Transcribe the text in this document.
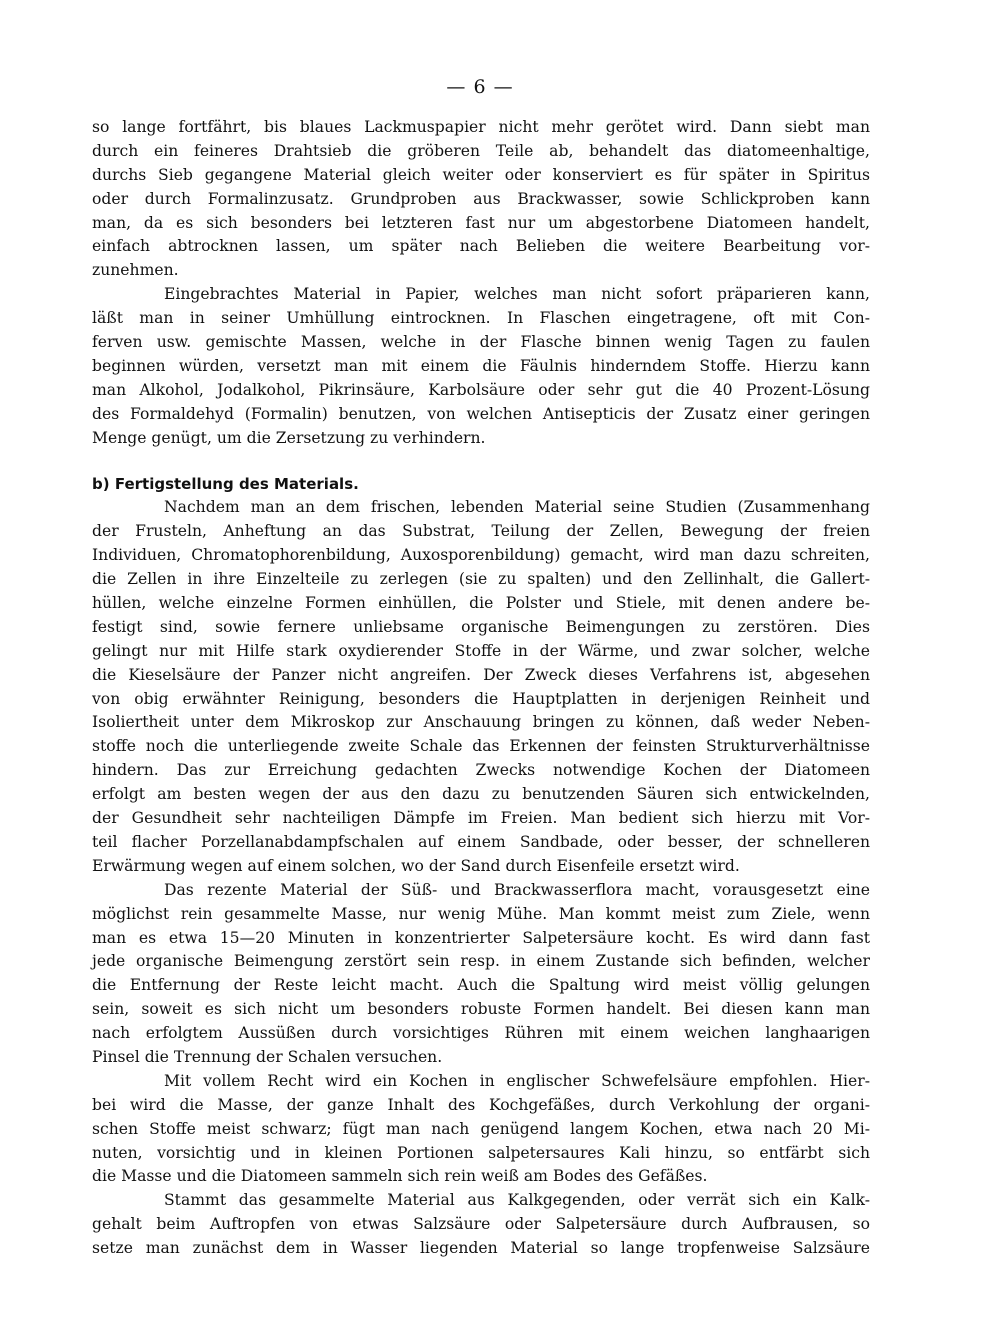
— 6 —
so lange fortfährt, bis blaues Lackmuspapier nicht mehr gerötet wird. Dann siebt man
durch ein feineres Drahtsieb die gröberen Teile ab, behandelt das diatomeenhaltige,
durchs Sieb gegangene Material gleich weiter oder konserviert es für später in Spiritus
oder durch Formalinzusatz. Grundproben aus Brackwasser, sowie Schlickproben kann
man, da es sich besonders bei letzteren fast nur um abgestorbene Diatomeen handelt,
einfach abtrocknen lassen, um später nach Belieben die weitere Bearbeitung vor-
zunehmen.
Eingebrachtes Material in Papier, welches man nicht sofort präparieren kann,
läßt man in seiner Umhüllung eintrocknen. In Flaschen eingetragene, oft mit Con-
ferven usw. gemischte Massen, welche in der Flasche binnen wenig Tagen zu faulen
beginnen würden, versetzt man mit einem die Fäulnis hinderndem Stoffe. Hierzu kann
man Alkohol, Jodalkohol, Pikrinsäure, Karbolsäure oder sehr gut die 40 Prozent-Lösung
des Formaldehyd (Formalin) benutzen, von welchen Antisepticis der Zusatz einer geringen
Menge genügt, um die Zersetzung zu verhindern.
b) Fertigstellung des Materials.
Nachdem man an dem frischen, lebenden Material seine Studien (Zusammenhang
der Frusteln, Anheftung an das Substrat, Teilung der Zellen, Bewegung der freien
Individuen, Chromatophorenbildung, Auxosporenbildung) gemacht, wird man dazu schreiten,
die Zellen in ihre Einzelteile zu zerlegen (sie zu spalten) und den Zellinhalt, die Gallert-
hüllen, welche einzelne Formen einhüllen, die Polster und Stiele, mit denen andere be-
festigt sind, sowie fernere unliebsame organische Beimengungen zu zerstören. Dies
gelingt nur mit Hilfe stark oxydierender Stoffe in der Wärme, und zwar solcher, welche
die Kieselsäure der Panzer nicht angreifen. Der Zweck dieses Verfahrens ist, abgesehen
von obig erwähnter Reinigung, besonders die Hauptplatten in derjenigen Reinheit und
Isoliertheit unter dem Mikroskop zur Anschauung bringen zu können, daß weder Neben-
stoffe noch die unterliegende zweite Schale das Erkennen der feinsten Strukturverhältnisse
hindern. Das zur Erreichung gedachten Zwecks notwendige Kochen der Diatomeen
erfolgt am besten wegen der aus den dazu zu benutzenden Säuren sich entwickelnden,
der Gesundheit sehr nachteiligen Dämpfe im Freien. Man bedient sich hierzu mit Vor-
teil flacher Porzellanabdampfschalen auf einem Sandbade, oder besser, der schnelleren
Erwärmung wegen auf einem solchen, wo der Sand durch Eisenfeile ersetzt wird.
Das rezente Material der Süß- und Brackwasserflora macht, vorausgesetzt eine
möglichst rein gesammelte Masse, nur wenig Mühe. Man kommt meist zum Ziele, wenn
man es etwa 15—20 Minuten in konzentrierter Salpetersäure kocht. Es wird dann fast
jede organische Beimengung zerstört sein resp. in einem Zustande sich befinden, welcher
die Entfernung der Reste leicht macht. Auch die Spaltung wird meist völlig gelungen
sein, soweit es sich nicht um besonders robuste Formen handelt. Bei diesen kann man
nach erfolgtem Aussüßen durch vorsichtiges Rühren mit einem weichen langhaarigen
Pinsel die Trennung der Schalen versuchen.
Mit vollem Recht wird ein Kochen in englischer Schwefelsäure empfohlen. Hier-
bei wird die Masse, der ganze Inhalt des Kochgefäßes, durch Verkohlung der organi-
schen Stoffe meist schwarz; fügt man nach genügend langem Kochen, etwa nach 20 Mi-
nuten, vorsichtig und in kleinen Portionen salpetersaures Kali hinzu, so entfärbt sich
die Masse und die Diatomeen sammeln sich rein weiß am Bodes des Gefäßes.
Stammt das gesammelte Material aus Kalkgegenden, oder verrät sich ein Kalk-
gehalt beim Auftropfen von etwas Salzsäure oder Salpetersäure durch Aufbrausen, so
setze man zunächst dem in Wasser liegenden Material so lange tropfenweise Salzsäure
